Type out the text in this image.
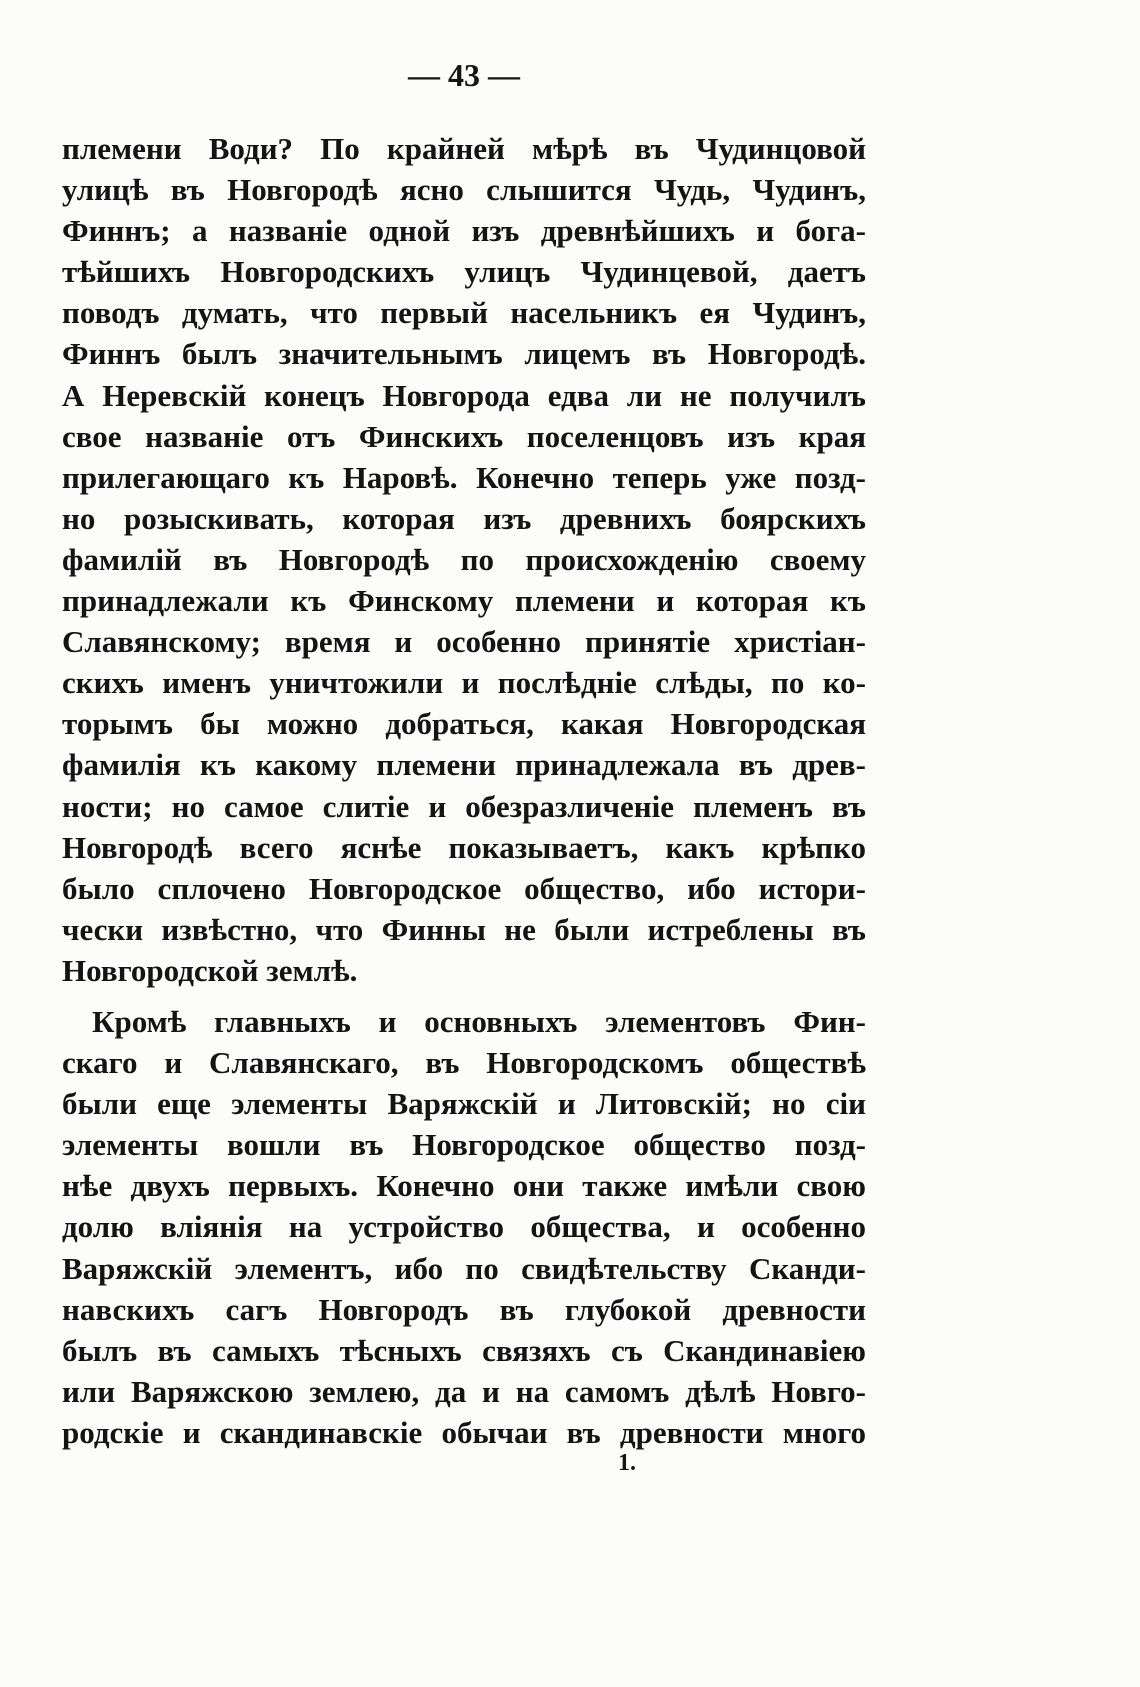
— 43 —
племени Води? По крайней мѣрѣ въ Чудинцовой
улицѣ въ Новгородѣ ясно слышится Чудь, Чудинъ,
Финнъ; а названіе одной изъ древнѣйшихъ и бога-
тѣйшихъ Новгородскихъ улицъ Чудинцевой, даетъ
поводъ думать, что первый насельникъ ея Чудинъ,
Финнъ былъ значительнымъ лицемъ въ Новгородѣ.
А Неревскій конецъ Новгорода едва ли не получилъ
свое названіе отъ Финскихъ поселенцовъ изъ края
прилегающаго къ Наровѣ. Конечно теперь уже позд-
но розыскивать, которая изъ древнихъ боярскихъ
фамилій въ Новгородѣ по происхожденію своему
принадлежали къ Финскому племени и которая къ
Славянскому; время и особенно принятіе христіан-
скихъ именъ уничтожили и послѣдніе слѣды, по ко-
торымъ бы можно добраться, какая Новгородская
фамилія къ какому племени принадлежала въ древ-
ности; но самое слитіе и обезразличеніе племенъ въ
Новгородѣ всего яснѣе показываетъ, какъ крѣпко
было сплочено Новгородское общество, ибо истори-
чески извѣстно, что Финны не были истреблены въ
Новгородской землѣ.
Кромѣ главныхъ и основныхъ элементовъ Фин-
скаго и Славянскаго, въ Новгородскомъ обществѣ
были еще элементы Варяжскій и Литовскій; но сіи
элементы вошли въ Новгородское общество позд-
нѣе двухъ первыхъ. Конечно они также имѣли свою
долю вліянія на устройство общества, и особенно
Варяжскій элементъ, ибо по свидѣтельству Сканди-
навскихъ сагъ Новгородъ въ глубокой древности
былъ въ самыхъ тѣсныхъ связяхъ съ Скандинавіею
или Варяжскою землею, да и на самомъ дѣлѣ Новго-
родскіе и скандинавскіе обычаи въ древности много
1.
